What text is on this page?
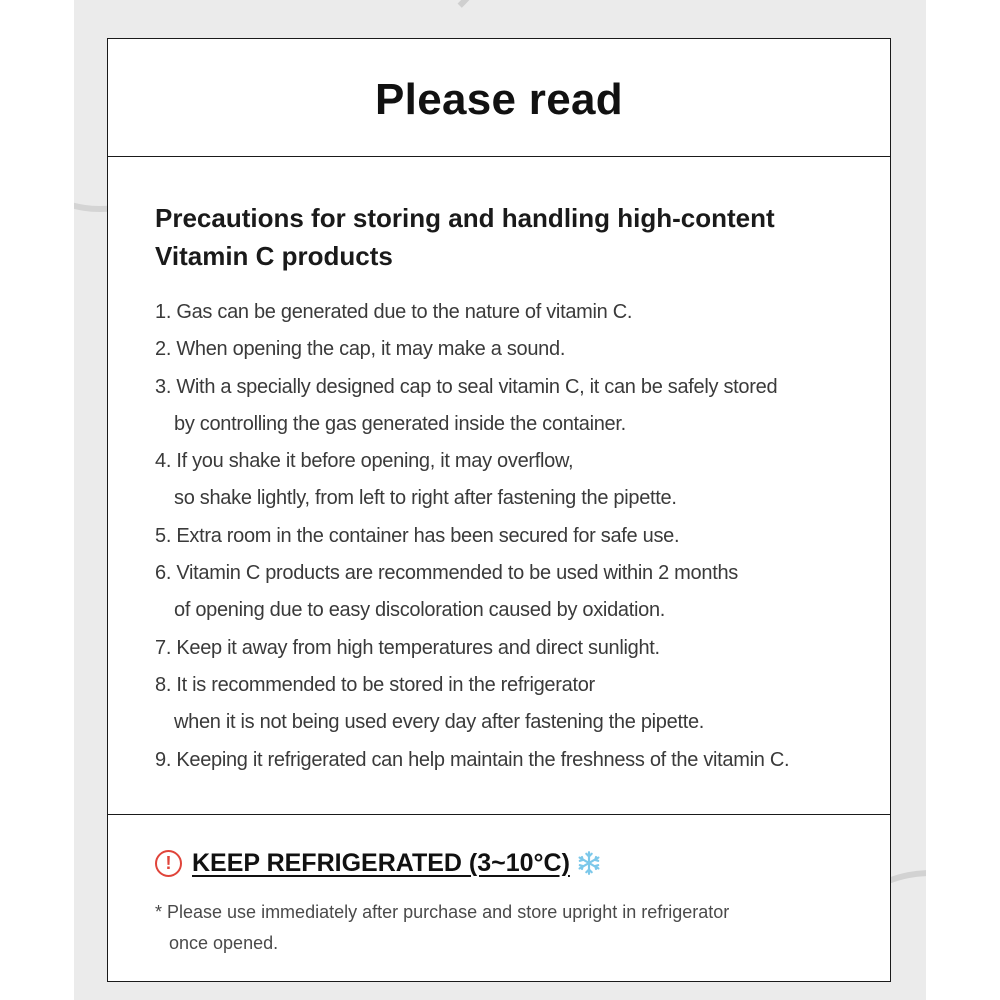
Please read
Precautions for storing and handling high-content
Vitamin C products
1. Gas can be generated due to the nature of vitamin C.
2. When opening the cap, it may make a sound.
3. With a specially designed cap to seal vitamin C, it can be safely stored
by controlling the gas generated inside the container.
4. If you shake it before opening, it may overflow,
so shake lightly, from left to right after fastening the pipette.
5. Extra room in the container has been secured for safe use.
6. Vitamin C products are recommended to be used within 2 months
of opening due to easy discoloration caused by oxidation.
7. Keep it away from high temperatures and direct sunlight.
8. It is recommended to be stored in the refrigerator
when it is not being used every day after fastening the pipette.
9. Keeping it refrigerated can help maintain the freshness of the vitamin C.
! KEEP REFRIGERATED (3~10°C)
* Please use immediately after purchase and store upright in refrigerator
once opened.
